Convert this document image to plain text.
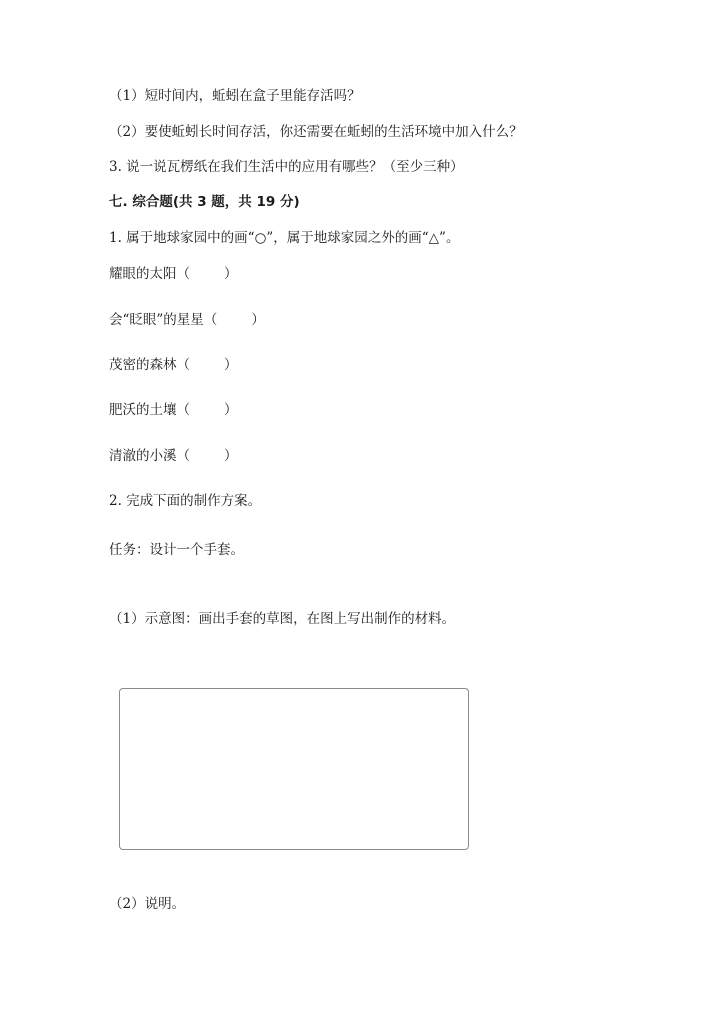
（1）短时间内，蚯蚓在盒子里能存活吗？
（2）要使蚯蚓长时间存活，你还需要在蚯蚓的生活环境中加入什么？
3. 说一说瓦楞纸在我们生活中的应用有哪些？（至少三种）
七. 综合题(共 3 题，共 19 分)
1. 属于地球家园中的画“○”，属于地球家园之外的画“△”。
耀眼的太阳（	）
会“眨眼”的星星（	）
茂密的森林（	）
肥沃的土壤（	）
清澈的小溪（	）
2. 完成下面的制作方案。
任务：设计一个手套。
（1）示意图：画出手套的草图，在图上写出制作的材料。
（2）说明。
